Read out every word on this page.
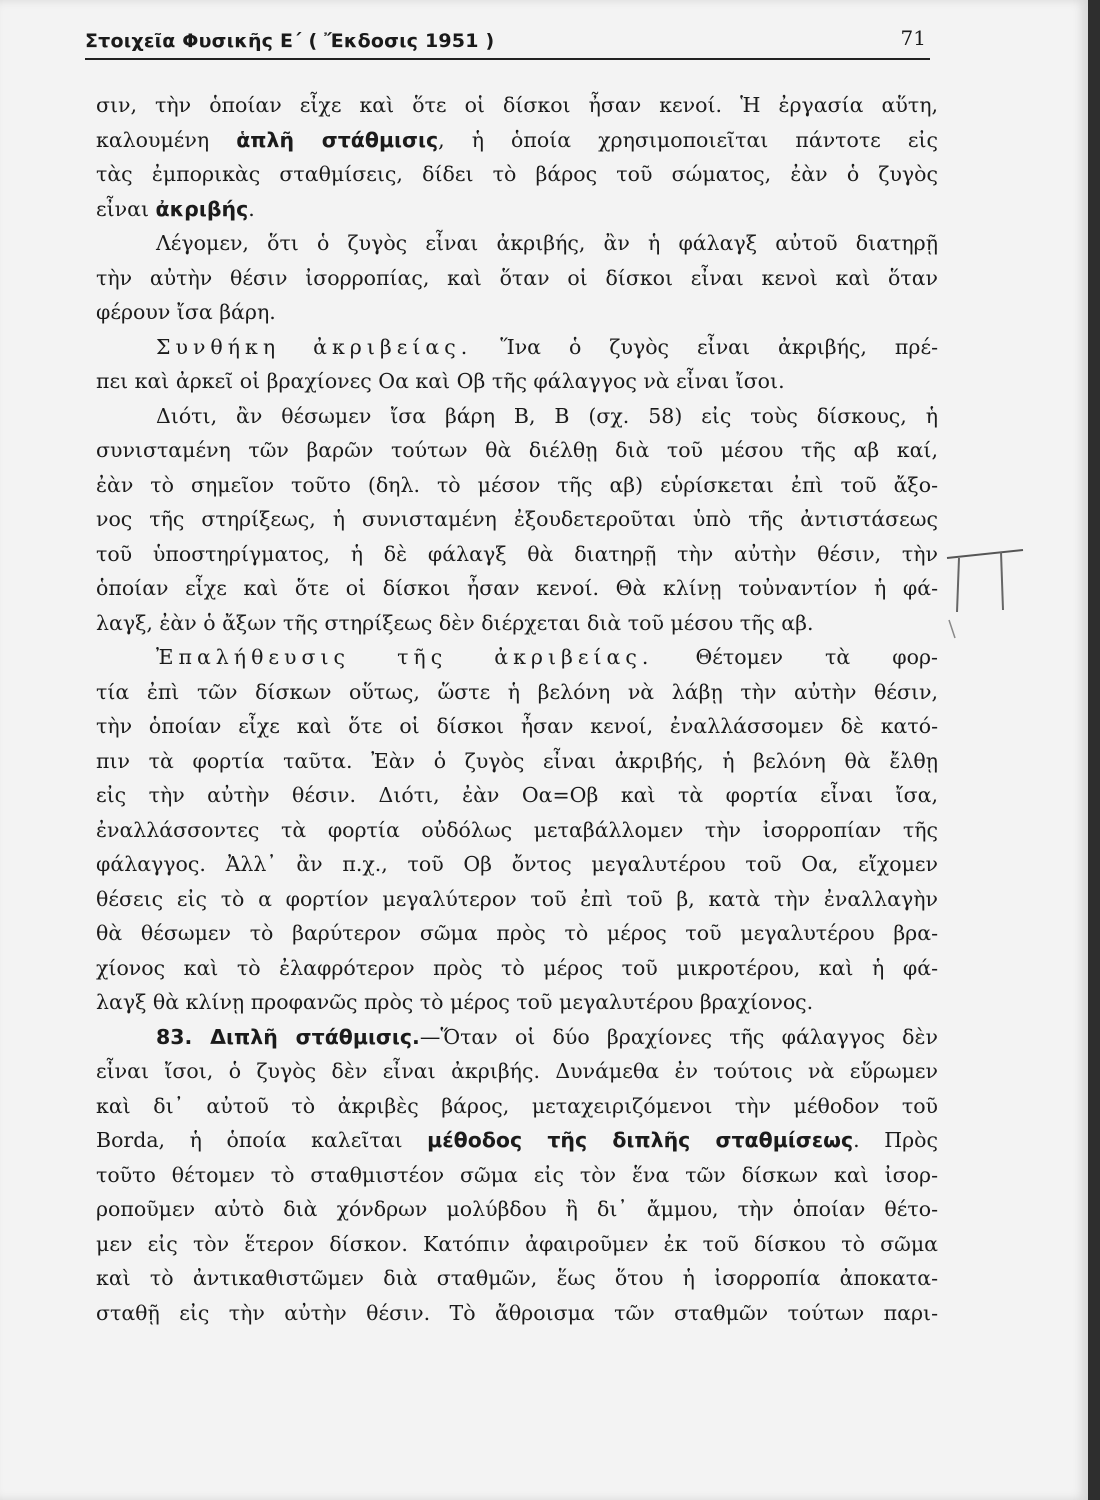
Στοιχεῖα Φυσικῆς Ε΄ ( Ἔκδοσις 1951 )	71
σιν, τὴν ὁποίαν εἶχε καὶ ὅτε οἱ δίσκοι ἦσαν κενοί. Ἡ ἐργασία αὕτη,
καλουμένη ἁπλῆ στάθμισις, ἡ ὁποία χρησιμοποιεῖται πάντοτε εἰς
τὰς ἐμπορικὰς σταθμίσεις, δίδει τὸ βάρος τοῦ σώματος, ἐὰν ὁ ζυγὸς
εἶναι ἀκριβής.
Λέγομεν, ὅτι ὁ ζυγὸς εἶναι ἀκριβής, ἂν ἡ φάλαγξ αὐτοῦ διατηρῇ
τὴν αὐτὴν θέσιν ἰσορροπίας, καὶ ὅταν οἱ δίσκοι εἶναι κενοὶ καὶ ὅταν
φέρουν ἴσα βάρη.
Συνθήκη ἀκριβείας. Ἵνα ὁ ζυγὸς εἶναι ἀκριβής, πρέ-
πει καὶ ἀρκεῖ οἱ βραχίονες Οα καὶ Οβ τῆς φάλαγγος νὰ εἶναι ἴσοι.
Διότι, ἂν θέσωμεν ἴσα βάρη Β, Β (σχ. 58) εἰς τοὺς δίσκους, ἡ
συνισταμένη τῶν βαρῶν τούτων θὰ διέλθῃ διὰ τοῦ μέσου τῆς αβ καί,
ἐὰν τὸ σημεῖον τοῦτο (δηλ. τὸ μέσον τῆς αβ) εὑρίσκεται ἐπὶ τοῦ ἄξο-
νος τῆς στηρίξεως, ἡ συνισταμένη ἐξουδετεροῦται ὑπὸ τῆς ἀντιστάσεως
τοῦ ὑποστηρίγματος, ἡ δὲ φάλαγξ θὰ διατηρῇ τὴν αὐτὴν θέσιν, τὴν
ὁποίαν εἶχε καὶ ὅτε οἱ δίσκοι ἦσαν κενοί. Θὰ κλίνῃ τοὐναντίον ἡ φά-
λαγξ, ἐὰν ὁ ἄξων τῆς στηρίξεως δὲν διέρχεται διὰ τοῦ μέσου τῆς αβ.
Ἐπαλήθευσις τῆς ἀκριβείας. Θέτομεν τὰ φορ-
τία ἐπὶ τῶν δίσκων οὕτως, ὥστε ἡ βελόνη νὰ λάβῃ τὴν αὐτὴν θέσιν,
τὴν ὁποίαν εἶχε καὶ ὅτε οἱ δίσκοι ἦσαν κενοί, ἐναλλάσσομεν δὲ κατό-
πιν τὰ φορτία ταῦτα. Ἐὰν ὁ ζυγὸς εἶναι ἀκριβής, ἡ βελόνη θὰ ἔλθῃ
εἰς τὴν αὐτὴν θέσιν. Διότι, ἐὰν Οα=Οβ καὶ τὰ φορτία εἶναι ἴσα,
ἐναλλάσσοντες τὰ φορτία οὐδόλως μεταβάλλομεν τὴν ἰσορροπίαν τῆς
φάλαγγος. Ἀλλ᾽ ἂν π.χ., τοῦ Οβ ὄντος μεγαλυτέρου τοῦ Οα, εἴχομεν
θέσεις εἰς τὸ α φορτίον μεγαλύτερον τοῦ ἐπὶ τοῦ β, κατὰ τὴν ἐναλλαγὴν
θὰ θέσωμεν τὸ βαρύτερον σῶμα πρὸς τὸ μέρος τοῦ μεγαλυτέρου βρα-
χίονος καὶ τὸ ἐλαφρότερον πρὸς τὸ μέρος τοῦ μικροτέρου, καὶ ἡ φά-
λαγξ θὰ κλίνῃ προφανῶς πρὸς τὸ μέρος τοῦ μεγαλυτέρου βραχίονος.
83. Διπλῆ στάθμισις.—Ὅταν οἱ δύο βραχίονες τῆς φάλαγγος δὲν
εἶναι ἴσοι, ὁ ζυγὸς δὲν εἶναι ἀκριβής. Δυνάμεθα ἐν τούτοις νὰ εὕρωμεν
καὶ δι᾽ αὐτοῦ τὸ ἀκριβὲς βάρος, μεταχειριζόμενοι τὴν μέθοδον τοῦ
Borda, ἡ ὁποία καλεῖται μέθοδος τῆς διπλῆς σταθμίσεως. Πρὸς
τοῦτο θέτομεν τὸ σταθμιστέον σῶμα εἰς τὸν ἕνα τῶν δίσκων καὶ ἰσορ-
ροποῦμεν αὐτὸ διὰ χόνδρων μολύβδου ἢ δι᾽ ἄμμου, τὴν ὁποίαν θέτο-
μεν εἰς τὸν ἕτερον δίσκον. Κατόπιν ἀφαιροῦμεν ἐκ τοῦ δίσκου τὸ σῶμα
καὶ τὸ ἀντικαθιστῶμεν διὰ σταθμῶν, ἕως ὅτου ἡ ἰσορροπία ἀποκατα-
σταθῇ εἰς τὴν αὐτὴν θέσιν. Τὸ ἄθροισμα τῶν σταθμῶν τούτων παρι-
